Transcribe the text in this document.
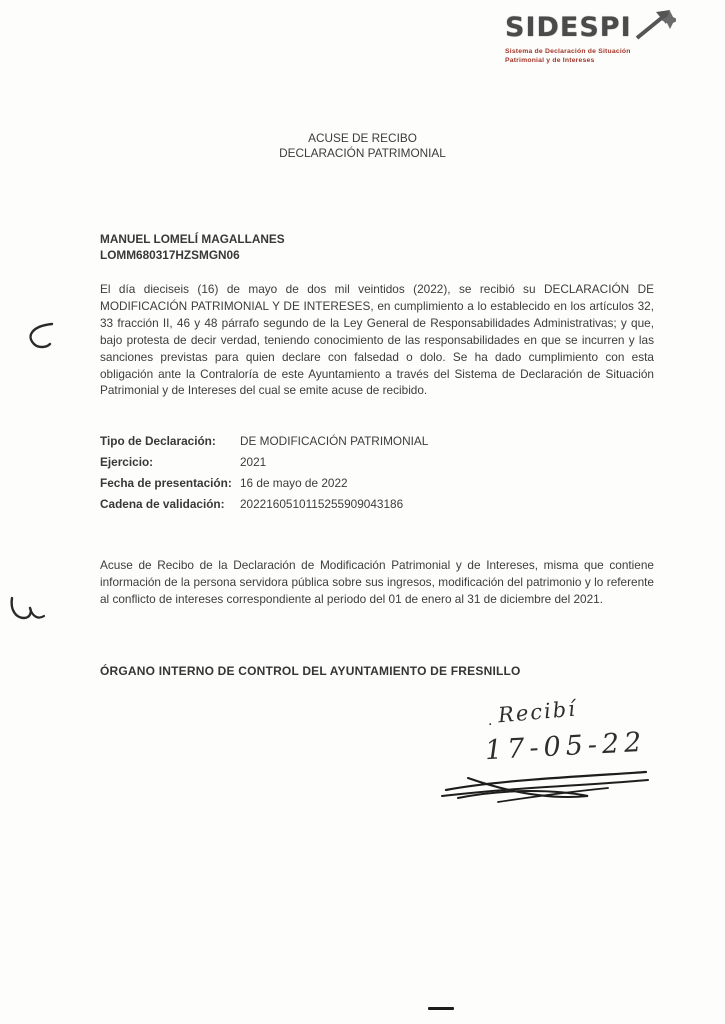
SIDESPI
Sistema de Declaración de Situación
Patrimonial y de Intereses
ACUSE DE RECIBO
DECLARACIÓN PATRIMONIAL
MANUEL LOMELÍ MAGALLANES
LOMM680317HZSMGN06
El día dieciseis (16) de mayo de dos mil veintidos (2022), se recibió su DECLARACIÓN DE MODIFICACIÓN PATRIMONIAL Y DE INTERESES, en cumplimiento a lo establecido en los artículos 32, 33 fracción II, 46 y 48 párrafo segundo de la Ley General de Responsabilidades Administrativas; y que, bajo protesta de decir verdad, teniendo conocimiento de las responsabilidades en que se incurren y las sanciones previstas para quien declare con falsedad o dolo. Se ha dado cumplimiento con esta obligación ante la Contraloría de este Ayuntamiento a través del Sistema de Declaración de Situación Patrimonial y de Intereses del cual se emite acuse de recibido.
Tipo de Declaración:	DE MODIFICACIÓN PATRIMONIAL
Ejercicio:	2021
Fecha de presentación: 16 de mayo de 2022
Cadena de validación:	2022160510115255909043186
Acuse de Recibo de la Declaración de Modificación Patrimonial y de Intereses, misma que contiene información de la persona servidora pública sobre sus ingresos, modificación del patrimonio y lo referente al conflicto de intereses correspondiente al periodo del 01 de enero al 31 de diciembre del 2021.
ÓRGANO INTERNO DE CONTROL DEL AYUNTAMIENTO DE FRESNILLO
. Recibí
17-05-22
